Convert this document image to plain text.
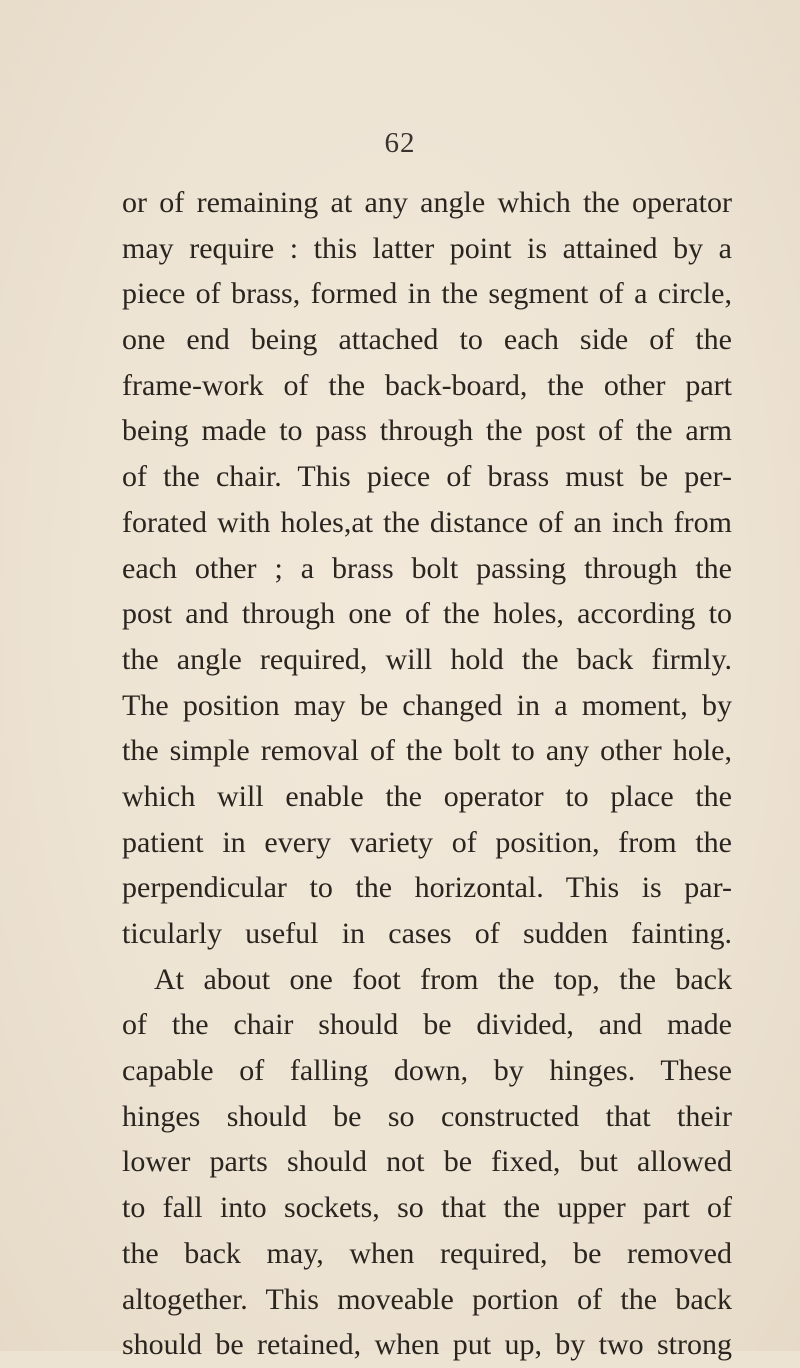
62
or of remaining at any angle which the operator
may require : this latter point is attained by a
piece of brass, formed in the segment of a circle,
one end being attached to each side of the
frame-work of the back-board, the other part
being made to pass through the post of the arm
of the chair. This piece of brass must be per-
forated with holes,at the distance of an inch from
each other ; a brass bolt passing through the
post and through one of the holes, according to
the angle required, will hold the back firmly.
The position may be changed in a moment, by
the simple removal of the bolt to any other hole,
which will enable the operator to place the
patient in every variety of position, from the
perpendicular to the horizontal. This is par-
ticularly useful in cases of sudden fainting.
At about one foot from the top, the back
of the chair should be divided, and made
capable of falling down, by hinges. These
hinges should be so constructed that their
lower parts should not be fixed, but allowed
to fall into sockets, so that the upper part of
the back may, when required, be removed
altogether. This moveable portion of the back
should be retained, when put up, by two strong
